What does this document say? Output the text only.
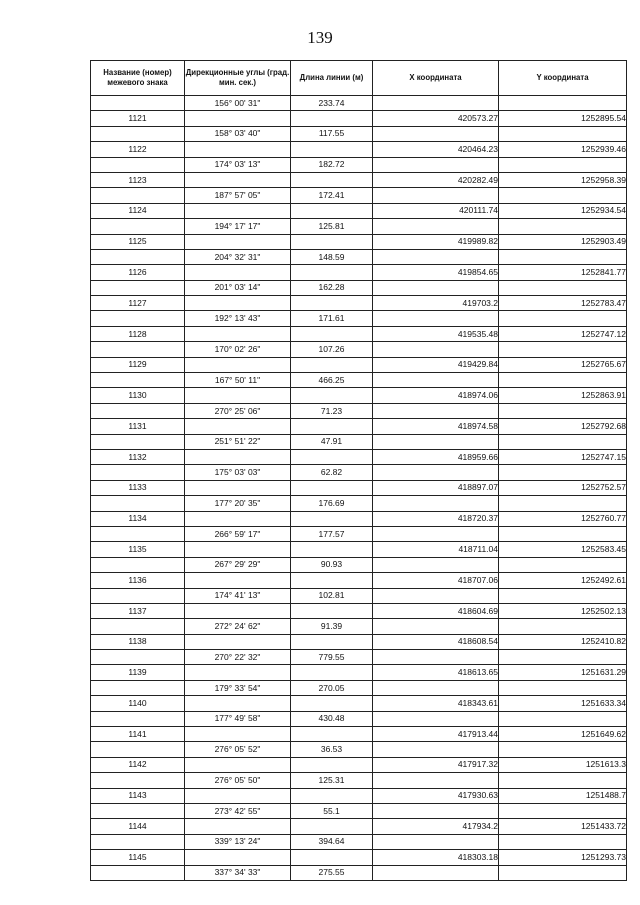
139
Название (номер) межевого знака	Дирекционные углы (град. мин. сек.)	Длина линии (м)	X координата	Y координата
	156° 00' 31"	233.74		
1121			420573.27	1252895.54
	158° 03' 40"	117.55		
1122			420464.23	1252939.46
	174° 03' 13"	182.72		
1123			420282.49	1252958.39
	187° 57' 05"	172.41		
1124			420111.74	1252934.54
	194° 17' 17"	125.81		
1125			419989.82	1252903.49
	204° 32' 31"	148.59		
1126			419854.65	1252841.77
	201° 03' 14"	162.28		
1127			419703.2	1252783.47
	192° 13' 43"	171.61		
1128			419535.48	1252747.12
	170° 02' 26"	107.26		
1129			419429.84	1252765.67
	167° 50' 11"	466.25		
1130			418974.06	1252863.91
	270° 25' 06"	71.23		
1131			418974.58	1252792.68
	251° 51' 22"	47.91		
1132			418959.66	1252747.15
	175° 03' 03"	62.82		
1133			418897.07	1252752.57
	177° 20' 35"	176.69		
1134			418720.37	1252760.77
	266° 59' 17"	177.57		
1135			418711.04	1252583.45
	267° 29' 29"	90.93		
1136			418707.06	1252492.61
	174° 41' 13"	102.81		
1137			418604.69	1252502.13
	272° 24' 62"	91.39		
1138			418608.54	1252410.82
	270° 22' 32"	779.55		
1139			418613.65	1251631.29
	179° 33' 54"	270.05		
1140			418343.61	1251633.34
	177° 49' 58"	430.48		
1141			417913.44	1251649.62
	276° 05' 52"	36.53		
1142			417917.32	1251613.3
	276° 05' 50"	125.31		
1143			417930.63	1251488.7
	273° 42' 55"	55.1		
1144			417934.2	1251433.72
	339° 13' 24"	394.64		
1145			418303.18	1251293.73
	337° 34' 33"	275.55		
